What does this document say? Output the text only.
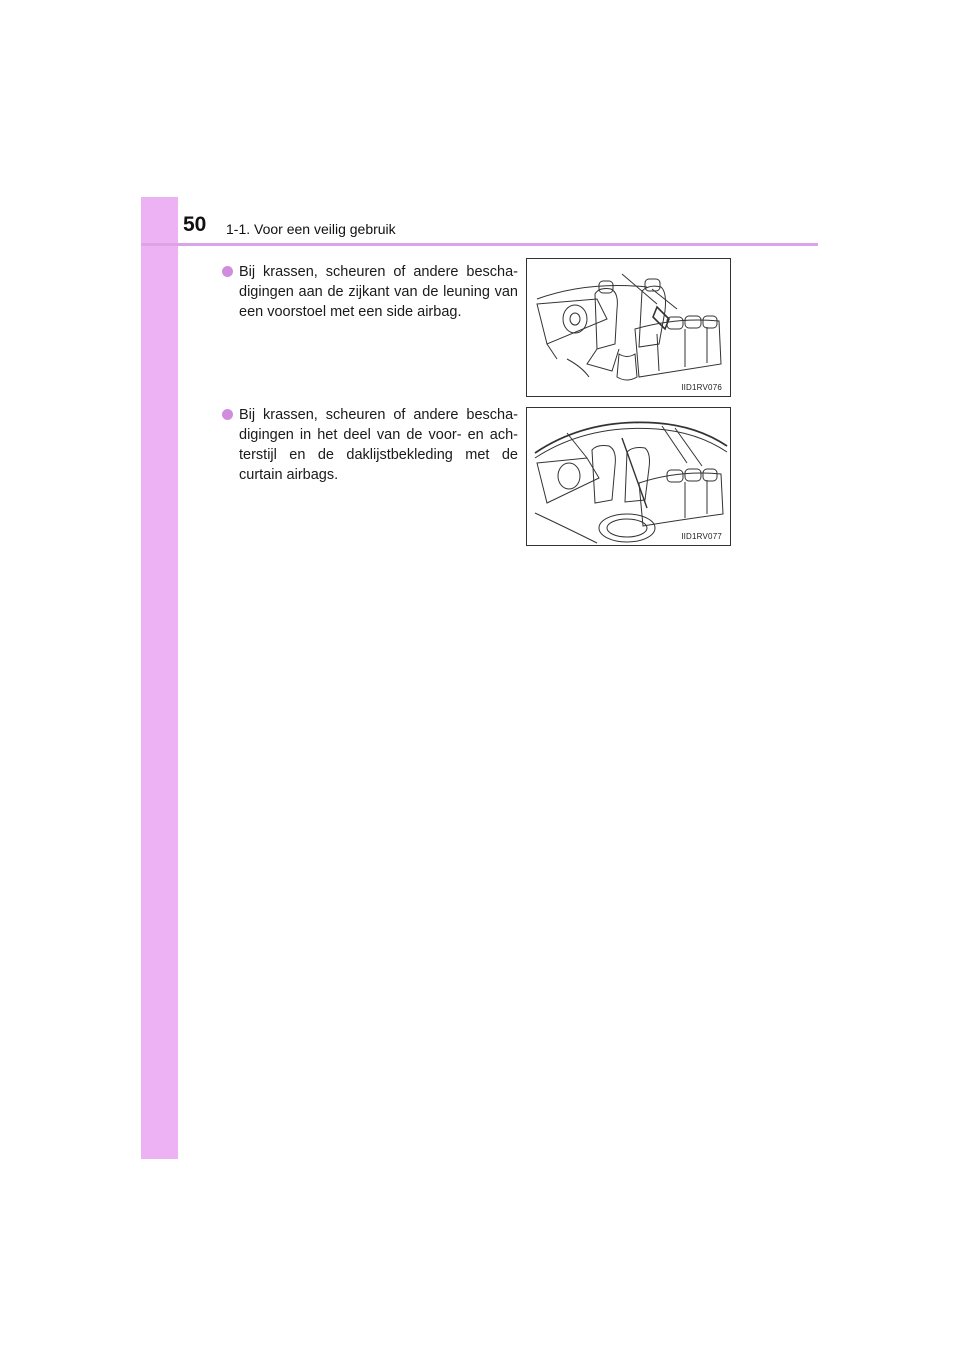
50 1-1. Voor een veilig gebruik
Bij krassen, scheuren of andere bescha-digingen aan de zijkant van de leuning van een voorstoel met een side airbag.
IID1RV076
Bij krassen, scheuren of andere bescha-digingen in het deel van de voor- en ach-terstijl en de daklijstbekleding met de curtain airbags.
IID1RV077
